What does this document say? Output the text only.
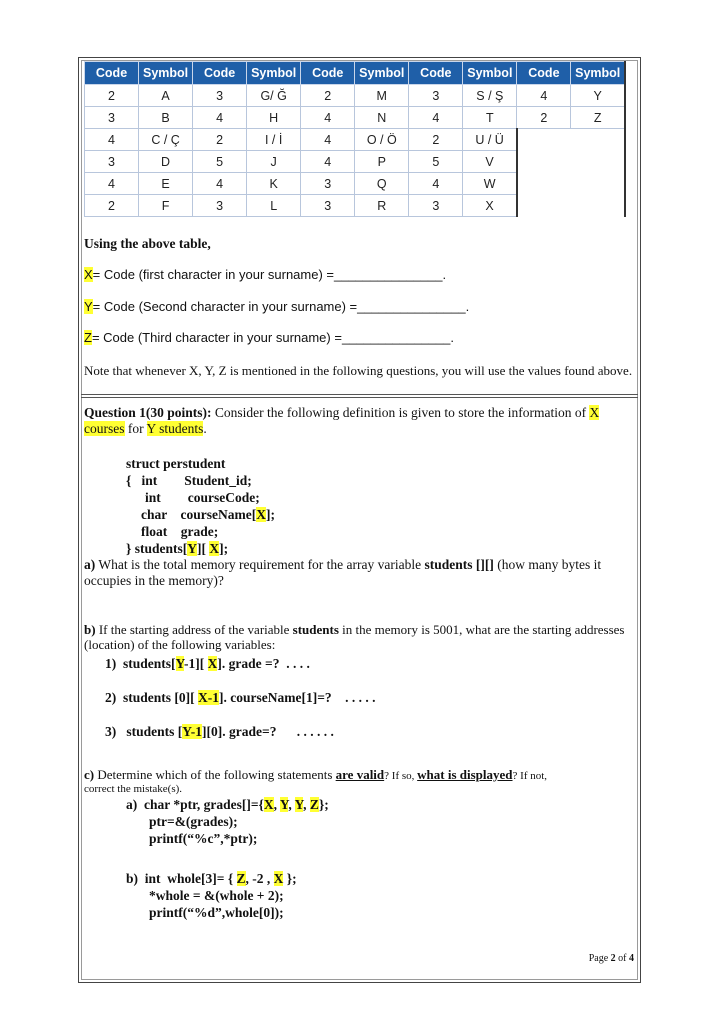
Code	Symbol	Code	Symbol	Code	Symbol	Code	Symbol	Code	Symbol
2	A	3	G/ Ğ	2	M	3	S / Ş	4	Y
3	B	4	H	4	N	4	T	2	Z
4	C / Ç	2	I / İ	4	O / Ö	2	U / Ü		
3	D	5	J	4	P	5	V		
4	E	4	K	3	Q	4	W		
2	F	3	L	3	R	3	X		
Using the above table,
X= Code (first character in your surname) =_______________.
Y= Code (Second character in your surname) =_______________.
Z= Code (Third character in your surname) =_______________.
Note that whenever X, Y, Z is mentioned in the following questions, you will use the values found above.
Question 1(30 points): Consider the following definition is given to store the information of X courses for Y students.
struct perstudent
{   int        Student_id;
int        courseCode;
char    courseName[X];
float    grade;
} students[Y][ X];
a) What is the total memory requirement for the array variable students [][] (how many bytes it occupies in the memory)?
b) If the starting address of the variable students in the memory is 5001, what are the starting addresses (location) of the following variables:
1) students[Y-1][ X]. grade =?  . . . .
2) students [0][ X-1]. courseName[1]=?    . . . . .
3) students [Y-1][0]. grade=?      . . . . . .
c) Determine which of the following statements are valid? If so, what is displayed? If not,
correct the mistake(s).
a) char *ptr, grades[]={X, Y, Y, Z};
ptr=&(grades);
printf(“%c”,*ptr);
b) int  whole[3]= { Z, -2 , X };
*whole = &(whole + 2);
printf(“%d”,whole[0]);
Page 2 of 4
